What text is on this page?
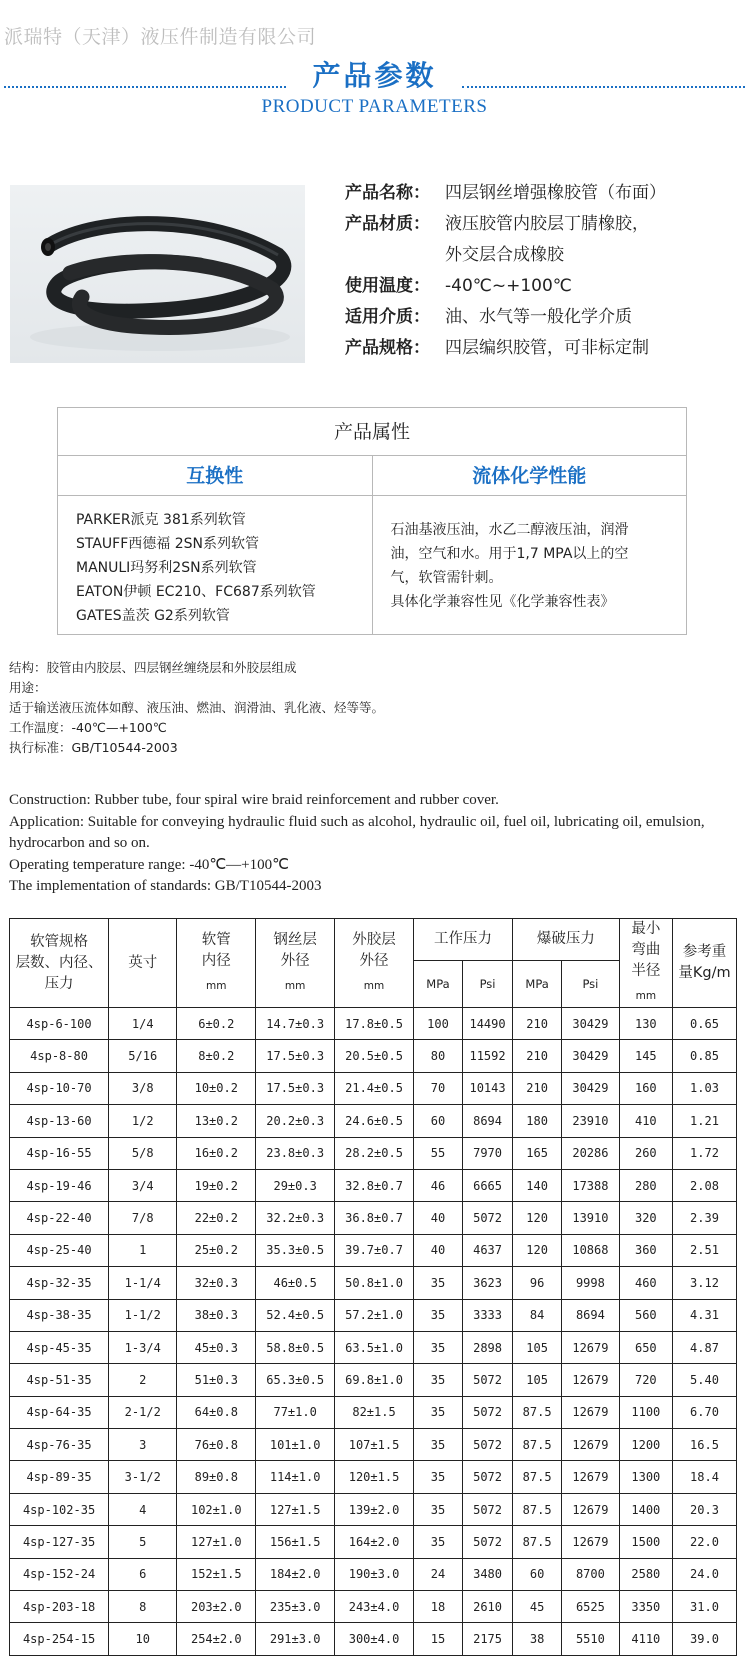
派瑞特（天津）液压件制造有限公司
产品参数
PRODUCT PARAMETERS
产品名称： 四层钢丝增强橡胶管（布面）
产品材质： 液压胶管内胶层丁腈橡胶，
外交层合成橡胶
使用温度： -40℃~+100℃
适用介质： 油、水气等一般化学介质
产品规格： 四层编织胶管，可非标定制
产品属性
互换性
PARKER派克 381系列软管
STAUFF西德福 2SN系列软管
MANULI玛努利2SN系列软管
EATON伊顿 EC210、FC687系列软管
GATES盖茨 G2系列软管
流体化学性能
石油基液压油，水乙二醇液压油，润滑
油，空气和水。用于1,7 MPA以上的空
气，软管需针刺。
具体化学兼容性见《化学兼容性表》
结构：胶管由内胶层、四层钢丝缠绕层和外胶层组成
用途：
适于输送液压流体如醇、液压油、燃油、润滑油、乳化液、烃等等。
工作温度：-40℃—+100℃
执行标准：GB/T10544-2003
Construction: Rubber tube, four spiral wire braid reinforcement and rubber cover.
Application: Suitable for conveying hydraulic fluid such as alcohol, hydraulic oil, fuel oil, lubricating oil, emulsion, hydrocarbon and so on.
Operating temperature range: -40℃—+100℃
The implementation of standards: GB/T10544-2003
软管规格
层数、内径、
压力	英寸	软管
内径
mm	钢丝层
外径
mm	外胶层
外径
mm	工作压力		爆破压力		最小
弯曲
半径
mm	参考重
量Kg/m
					MPa	Psi	MPa	Psi		
4sp-6-100	1/4	6±0.2	14.7±0.3	17.8±0.5	100	14490	210	30429	130	0.65
4sp-8-80	5/16	8±0.2	17.5±0.3	20.5±0.5	80	11592	210	30429	145	0.85
4sp-10-70	3/8	10±0.2	17.5±0.3	21.4±0.5	70	10143	210	30429	160	1.03
4sp-13-60	1/2	13±0.2	20.2±0.3	24.6±0.5	60	8694	180	23910	410	1.21
4sp-16-55	5/8	16±0.2	23.8±0.3	28.2±0.5	55	7970	165	20286	260	1.72
4sp-19-46	3/4	19±0.2	29±0.3	32.8±0.7	46	6665	140	17388	280	2.08
4sp-22-40	7/8	22±0.2	32.2±0.3	36.8±0.7	40	5072	120	13910	320	2.39
4sp-25-40	1	25±0.2	35.3±0.5	39.7±0.7	40	4637	120	10868	360	2.51
4sp-32-35	1-1/4	32±0.3	46±0.5	50.8±1.0	35	3623	96	9998	460	3.12
4sp-38-35	1-1/2	38±0.3	52.4±0.5	57.2±1.0	35	3333	84	8694	560	4.31
4sp-45-35	1-3/4	45±0.3	58.8±0.5	63.5±1.0	35	2898	105	12679	650	4.87
4sp-51-35	2	51±0.3	65.3±0.5	69.8±1.0	35	5072	105	12679	720	5.40
4sp-64-35	2-1/2	64±0.8	77±1.0	82±1.5	35	5072	87.5	12679	1100	6.70
4sp-76-35	3	76±0.8	101±1.0	107±1.5	35	5072	87.5	12679	1200	16.5
4sp-89-35	3-1/2	89±0.8	114±1.0	120±1.5	35	5072	87.5	12679	1300	18.4
4sp-102-35	4	102±1.0	127±1.5	139±2.0	35	5072	87.5	12679	1400	20.3
4sp-127-35	5	127±1.0	156±1.5	164±2.0	35	5072	87.5	12679	1500	22.0
4sp-152-24	6	152±1.5	184±2.0	190±3.0	24	3480	60	8700	2580	24.0
4sp-203-18	8	203±2.0	235±3.0	243±4.0	18	2610	45	6525	3350	31.0
4sp-254-15	10	254±2.0	291±3.0	300±4.0	15	2175	38	5510	4110	39.0
